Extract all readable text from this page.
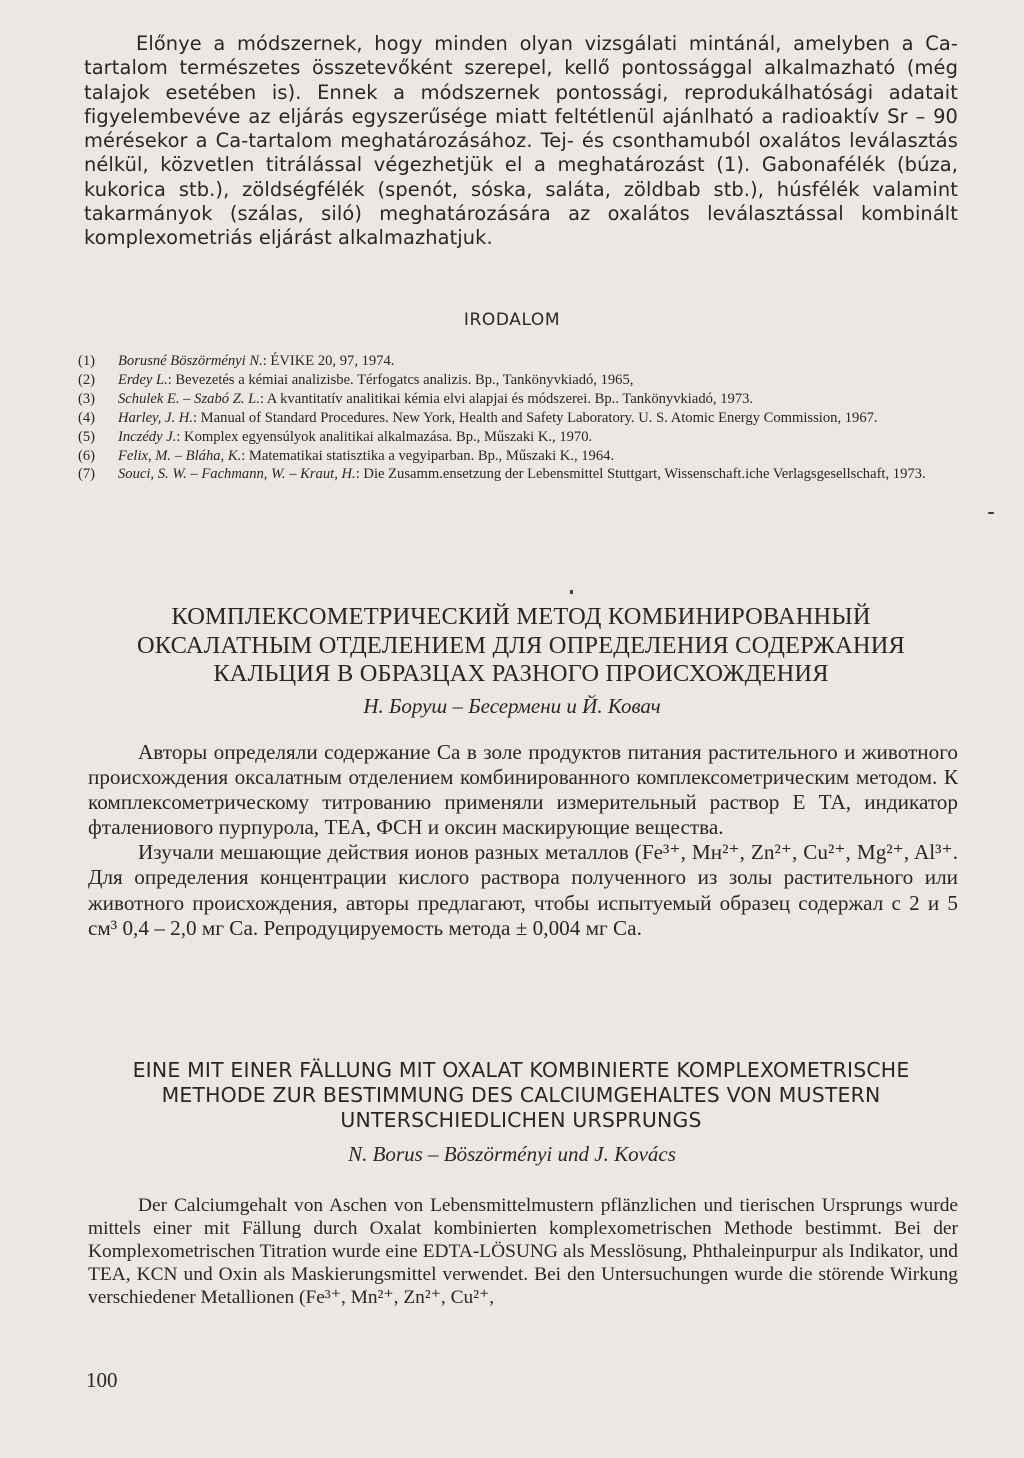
Előnye a módszernek, hogy minden olyan vizsgálati mintánál, amelyben a Ca-tartalom természetes összetevőként szerepel, kellő pontossággal alkalmazható (még talajok esetében is). Ennek a módszernek pontossági, reprodukálhatósági adatait figyelembevéve az eljárás egyszerűsége miatt feltétlenül ajánlható a radioaktív Sr – 90 mérésekor a Ca-tartalom meghatározásához. Tej- és csonthamuból oxalátos leválasztás nélkül, közvetlen titrálással végezhetjük el a meghatározást (1). Gabonafélék (búza, kukorica stb.), zöldségfélék (spenót, sóska, saláta, zöldbab stb.), húsfélék valamint takarmányok (szálas, siló) meghatározására az oxalátos leválasztással kombinált komplexometriás eljárást alkalmazhatjuk.
IRODALOM
(1)	Borusné Böszörményi N.: ÉVIKE 20, 97, 1974.
(2)	Erdey L.: Bevezetés a kémiai analizisbe. Térfogatcs analizis. Bp., Tankönyvkiadó, 1965,
(3)	Schulek E. – Szabó Z. L.: A kvantitatív analitikai kémia elvi alapjai és módszerei. Bp.. Tankönyvkiadó, 1973.
(4)	Harley, J. H.: Manual of Standard Procedures. New York, Health and Safety Laboratory. U. S. Atomic Energy Commission, 1967.
(5)	Inczédy J.: Komplex egyensúlyok analitikai alkalmazása. Bp., Műszaki K., 1970.
(6)	Felix, M. – Bláha, K.: Matematikai statisztika a vegyiparban. Bp., Műszaki K., 1964.
(7)	Souci, S. W. – Fachmann, W. – Kraut, H.: Die Zusamm.ensetzung der Lebensmittel Stuttgart, Wissenschaft.iche Verlagsgesellschaft, 1973.
КОМПЛЕКСОМЕТРИЧЕСКИЙ МЕТОД КОМБИНИРОВАННЫЙ ОКСАЛАТНЫМ ОТДЕЛЕНИЕМ ДЛЯ ОПРЕДЕЛЕНИЯ СОДЕРЖАНИЯ КАЛЬЦИЯ В ОБРАЗЦАХ РАЗНОГО ПРОИСХОЖДЕНИЯ
Н. Боруш – Бесермени и Й. Ковач

Авторы определяли содержание Са в золе продуктов питания растительного и животного происхождения оксалатным отделением комбинированного комплексометрическим методом. К комплексометрическому титрованию применяли измерительный раствор Е ТА, индикатор фталениового пурпурола, ТЕА, ФСН и оксин маскирующие вещества.

Изучали мешающие действия ионов разных металлов (Fe³⁺, Mн²⁺, Zn²⁺, Cu²⁺, Mg²⁺, Al³⁺. Для определения концентрации кислого раствора полученного из золы растительного или животного происхождения, авторы предлагают, чтобы испытуемый образец содержал с 2 и 5 см³ 0,4 – 2,0 мг Са. Репродуцируемость метода ± 0,004 мг Са.

EINE MIT EINER FÄLLUNG MIT OXALAT KOMBINIERTE KOMPLEXOMETRISCHE METHODE ZUR BESTIMMUNG DES CALCIUMGEHALTES VON MUSTERN UNTERSCHIEDLICHEN URSPRUNGS
N. Borus – Böszörményi und J. Kovács

Der Calciumgehalt von Aschen von Lebensmittelmustern pflänzlichen und tierischen Ursprungs wurde mittels einer mit Fällung durch Oxalat kombinierten komplexometrischen Methode bestimmt. Bei der Komplexometrischen Titration wurde eine EDTA-LÖSUNG als Messlösung, Phthaleinpurpur als Indikator, und TEA, KCN und Oxin als Maskierungsmittel verwendet. Bei den Untersuchungen wurde die störende Wirkung verschiedener Metallionen (Fe³⁺, Mn²⁺, Zn²⁺, Cu²⁺,

100
